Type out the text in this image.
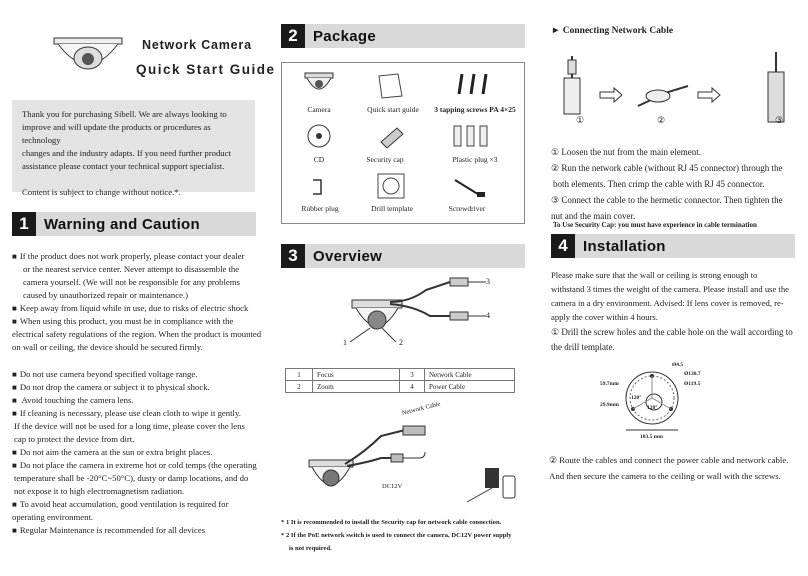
Network Camera
Quick Start Guide
Thank you for purchasing Sibell. We are always looking to
improve and will update the products or procedures as technology
changes and the industry adapts. If you need further product
assistance please contact your technical support specialist.
Content is subject to change without notice.*.
1	Warning and Caution
■ If the product does not work properly, please contact your dealer
or the nearest service center. Never attempt to disassemble the
camera yourself. (We will not be responsible for any problems
caused by unauthorized repair or maintenance.)
■ Keep away from liquid while in use, due to risks of electric shock
■ When using this product, you must be in compliance with the
electrical safety regulations of the region. When the product is mounted
on wall or ceiling, the device should be secured firmly.
■ Do not use camera beyond specified voltage range.
■ Do not drop the camera or subject it to physical shock.
■ Avoid touching the camera lens.
■ If cleaning is necessary, please use clean cloth to wipe it gently.
If the device will not be used for a long time, please cover the lens
cap to protect the device from dirt.
■ Do not aim the camera at the sun or extra bright places.
■ Do not place the camera in extreme hot or cold temps (the operating
temperature shall be -20°C~50°C), dusty or damp locations, and do
not expose it to high electromagnetism radiation.
■ To avoid heat accumulation, good ventilation is required for
operating environment.
■ Regular Maintenance is recommended for all devices
2	Package
Camera	Quick start guide	3 tapping screws PA 4×25
CD	Security cap	Plastic plug ×3
Rubber plug	Drill template	Screwdriver
3	Overview
3
4
1	2
1	Focus	3	Network Cable
2	Zoom	4	Power Cable
Network Cable
DC12V
* 1 It is recommended to install the Security cap for network cable connection.
* 2 If the PoE network switch is used to connect the camera, DC12V power supply
is not required.
► Connecting Network Cable
①	②	③
① Loosen the nut from the main element.
② Run the network cable (without RJ 45 connector) through the
both elements. Then crimp the cable with RJ 45 connector.
③ Connect the cable to the hermetic connector. Then tighten the
nut and the main cover.
To Use Security Cap: you must have experience in cable termination
4	Installation
Please make sure that the wall or ceiling is strong enough to
withstand 3 times the weight of the camera. Please install and use the
camera in a dry environment. Advised: If lens cover is removed, re-
apply the cover within 4 hours.
① Drill the screw holes and the cable hole on the wall according to
the drill template.
Ø4.5
Ø130.7
Ø119.5
59.7mm
29.9mm
120°
120°
103.5 mm
② Route the cables and connect the power cable and network cable.
And then secure the camera to the ceiling or wall with the screws.
